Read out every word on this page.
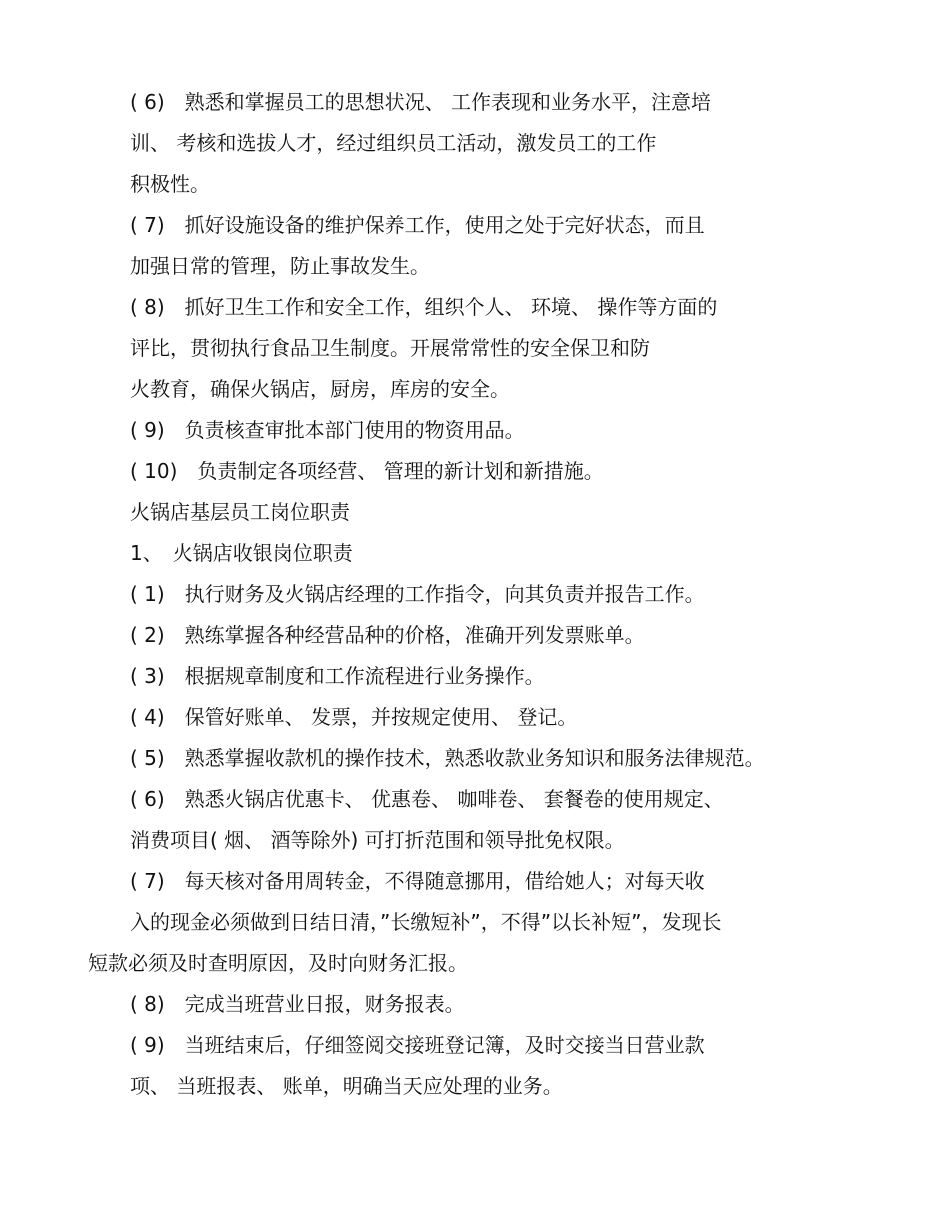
( 6)　熟悉和掌握员工的思想状况、 工作表现和业务水平，注意培
训、 考核和选拔人才，经过组织员工活动，激发员工的工作
积极性。
( 7)　抓好设施设备的维护保养工作，使用之处于完好状态，而且
加强日常的管理，防止事故发生。
( 8)　抓好卫生工作和安全工作，组织个人、 环境、 操作等方面的
评比，贯彻执行食品卫生制度。开展常常性的安全保卫和防
火教育，确保火锅店，厨房，库房的安全。
( 9)　负责核查审批本部门使用的物资用品。
( 10)　负责制定各项经营、 管理的新计划和新措施。
火锅店基层员工岗位职责
1、　火锅店收银岗位职责
( 1)　执行财务及火锅店经理的工作指令，向其负责并报告工作。
( 2)　熟练掌握各种经营品种的价格，准确开列发票账单。
( 3)　根据规章制度和工作流程进行业务操作。
( 4)　保管好账单、 发票，并按规定使用、 登记。
( 5)　熟悉掌握收款机的操作技术，熟悉收款业务知识和服务法律规范。
( 6)　熟悉火锅店优惠卡、 优惠卷、 咖啡卷、 套餐卷的使用规定、
消费项目( 烟、 酒等除外) 可打折范围和领导批免权限。
( 7)　每天核对备用周转金，不得随意挪用，借给她人；对每天收
入的现金必须做到日结日清，”长缴短补”，不得”以长补短”，发现长
短款必须及时查明原因，及时向财务汇报。
( 8)　完成当班营业日报，财务报表。
( 9)　当班结束后，仔细签阅交接班登记簿，及时交接当日营业款
项、 当班报表、 账单，明确当天应处理的业务。
